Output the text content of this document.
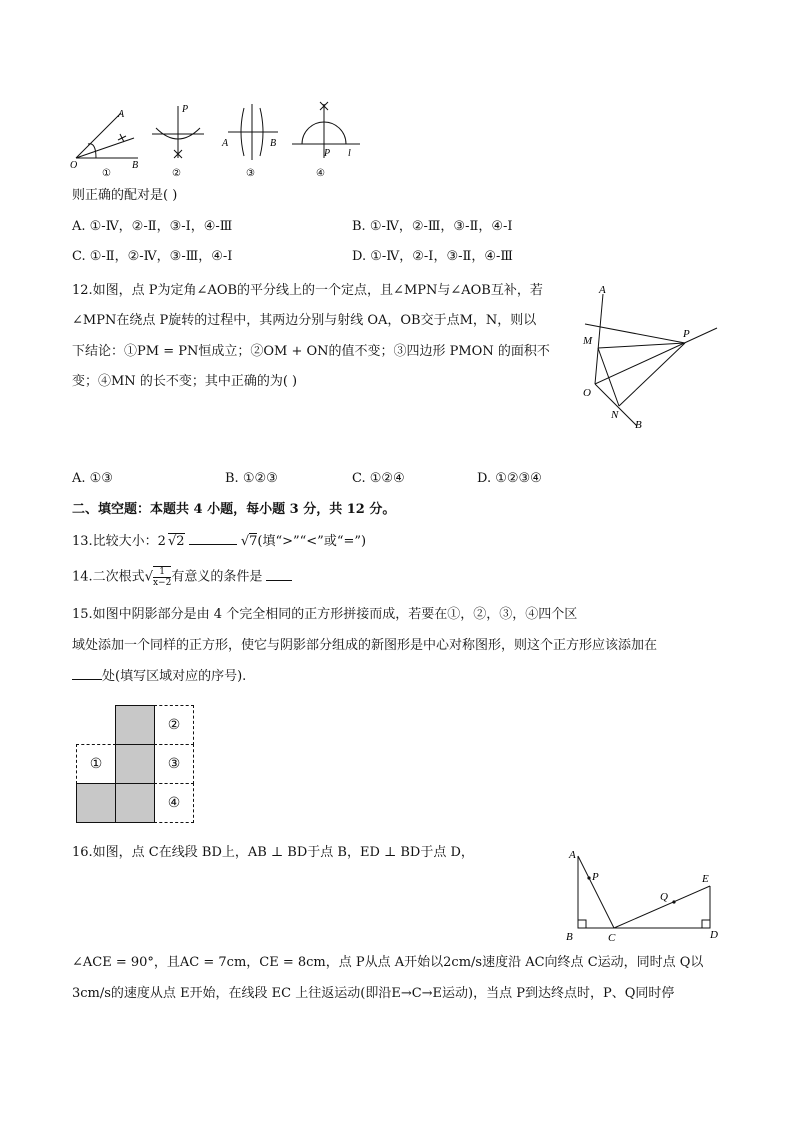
A
O	B
①
P
②
A	B
③
P l
④
则正确的配对是( )
A. ①-Ⅳ，②-Ⅱ，③-Ⅰ，④-Ⅲ	B. ①-Ⅳ，②-Ⅲ，③-Ⅱ，④-Ⅰ
C. ①-Ⅱ，②-Ⅳ，③-Ⅲ，④-Ⅰ	D. ①-Ⅳ，②-Ⅰ，③-Ⅱ，④-Ⅲ
12.如图，点 P为定角∠AOB的平分线上的一个定点，且∠MPN与∠AOB互补，若
∠MPN在绕点 P旋转的过程中，其两边分别与射线 OA，OB交于点M，N，则以
下结论：①PM = PN恒成立；②OM + ON的值不变；③四边形 PMON 的面积不
变；④MN 的长不变；其中正确的为( )
A
M
P
O
N
B
A. ①③	B. ①②③	C. ①②④	D. ①②③④
二、填空题：本题共 4 小题，每小题 3 分，共 12 分。
13.比较大小：2 √2	√7(填“>”“<”或“=”)
14.二次根式√ $\frac{1}{x-2}$ 有意义的条件是
15.如图中阴影部分是由 4 个完全相同的正方形拼接而成，若要在①，②，③，④四个区
域处添加一个同样的正方形，使它与阴影部分组成的新图形是中心对称图形，则这个正方形应该添加在
处(填写区域对应的序号).
②
①	③
④
16.如图，点 C在线段 BD上，AB ⊥ BD于点 B，ED ⊥ BD于点 D，	A
P
Q
E
B	C	D
∠ACE = 90°，且AC = 7cm，CE = 8cm，点 P从点 A开始以2cm/s速度沿 AC向终点 C运动，同时点 Q以
3cm/s的速度从点 E开始，在线段 EC 上往返运动(即沿E→C→E运动)，当点 P到达终点时，P、Q同时停
